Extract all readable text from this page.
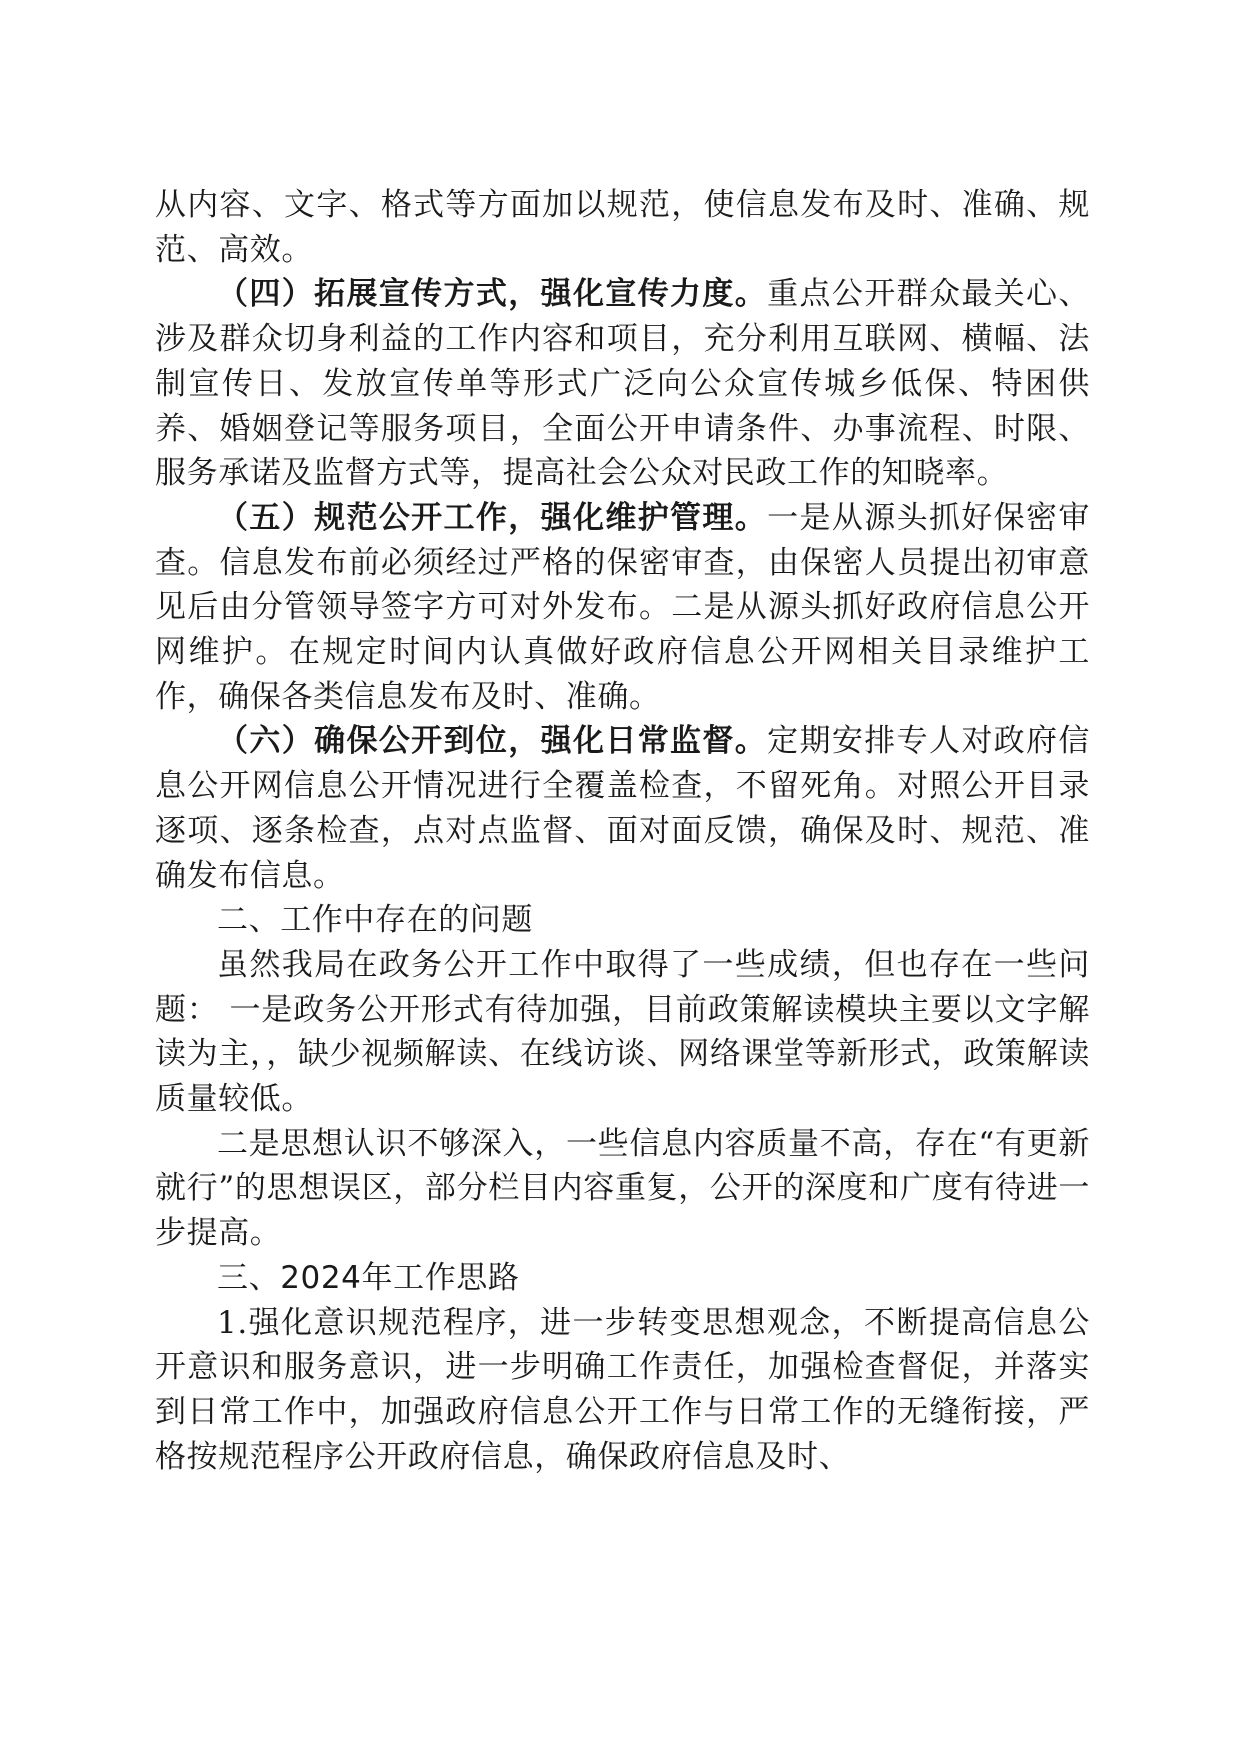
从内容、文字、格式等方面加以规范，使信息发布及时、准确、规范、高效。

（四）拓展宣传方式，强化宣传力度。重点公开群众最关心、涉及群众切身利益的工作内容和项目，充分利用互联网、横幅、法制宣传日、发放宣传单等形式广泛向公众宣传城乡低保、特困供养、婚姻登记等服务项目，全面公开申请条件、办事流程、时限、服务承诺及监督方式等，提高社会公众对民政工作的知晓率。

（五）规范公开工作，强化维护管理。一是从源头抓好保密审查。信息发布前必须经过严格的保密审查，由保密人员提出初审意见后由分管领导签字方可对外发布。二是从源头抓好政府信息公开网维护。在规定时间内认真做好政府信息公开网相关目录维护工作，确保各类信息发布及时、准确。

（六）确保公开到位，强化日常监督。定期安排专人对政府信息公开网信息公开情况进行全覆盖检查，不留死角。对照公开目录逐项、逐条检查，点对点监督、面对面反馈，确保及时、规范、准确发布信息。

二、工作中存在的问题

虽然我局在政务公开工作中取得了一些成绩，但也存在一些问题： 一是政务公开形式有待加强，目前政策解读模块主要以文字解读为主，，缺少视频解读、在线访谈、网络课堂等新形式，政策解读质量较低。

二是思想认识不够深入，一些信息内容质量不高，存在“有更新就行”的思想误区，部分栏目内容重复，公开的深度和广度有待进一步提高。

三、2024年工作思路

1.强化意识规范程序，进一步转变思想观念，不断提高信息公开意识和服务意识，进一步明确工作责任，加强检查督促，并落实到日常工作中，加强政府信息公开工作与日常工作的无缝衔接，严格按规范程序公开政府信息，确保政府信息及时、
